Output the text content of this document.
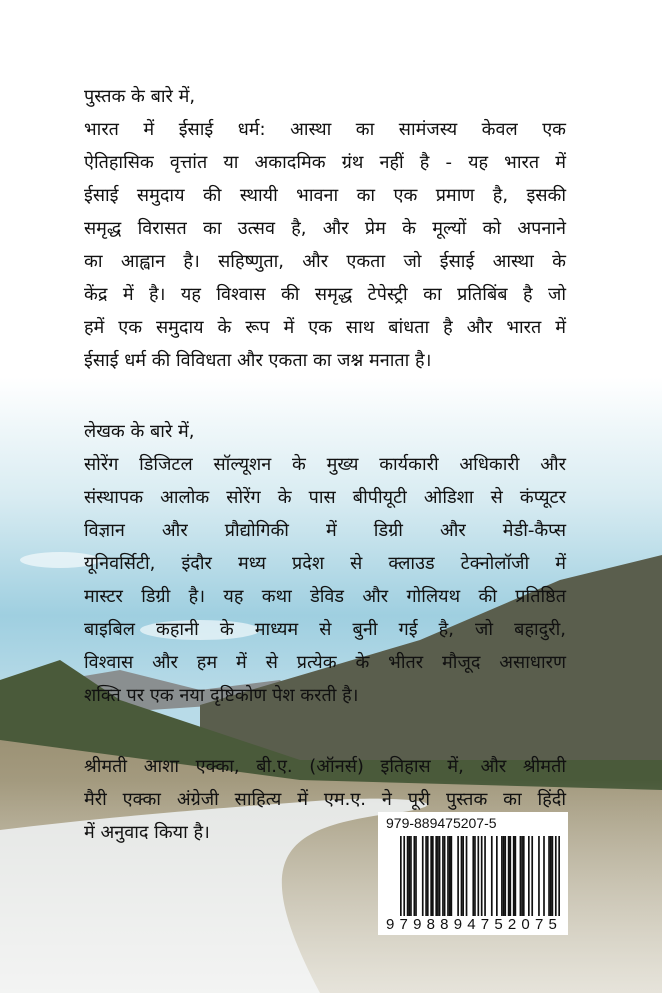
पुस्तक के बारे में,
भारत में ईसाई धर्म: आस्था का सामंजस्य केवल एक
ऐतिहासिक वृत्तांत या अकादमिक ग्रंथ नहीं है - यह भारत में
ईसाई समुदाय की स्थायी भावना का एक प्रमाण है, इसकी
समृद्ध विरासत का उत्सव है, और प्रेम के मूल्यों को अपनाने
का आह्वान है। सहिष्णुता, और एकता जो ईसाई आस्था के
केंद्र में है। यह विश्वास की समृद्ध टेपेस्ट्री का प्रतिबिंब है जो
हमें एक समुदाय के रूप में एक साथ बांधता है और भारत में
ईसाई धर्म की विविधता और एकता का जश्न मनाता है।
लेखक के बारे में,
सोरेंग डिजिटल सॉल्यूशन के मुख्य कार्यकारी अधिकारी और
संस्थापक आलोक सोरेंग के पास बीपीयूटी ओडिशा से कंप्यूटर
विज्ञान और प्रौद्योगिकी में डिग्री और मेडी-कैप्स
यूनिवर्सिटी, इंदौर मध्य प्रदेश से क्लाउड टेक्नोलॉजी में
मास्टर डिग्री है। यह कथा डेविड और गोलियथ की प्रतिष्ठित
बाइबिल कहानी के माध्यम से बुनी गई है, जो बहादुरी,
विश्वास और हम में से प्रत्येक के भीतर मौजूद असाधारण
शक्ति पर एक नया दृष्टिकोण पेश करती है।
श्रीमती आशा एक्का, बी.ए. (ऑनर्स) इतिहास में, और श्रीमती
मैरी एक्का अंग्रेजी साहित्य में एम.ए. ने पूरी पुस्तक का हिंदी
में अनुवाद किया है।	979-889475207-5
9798894752075
